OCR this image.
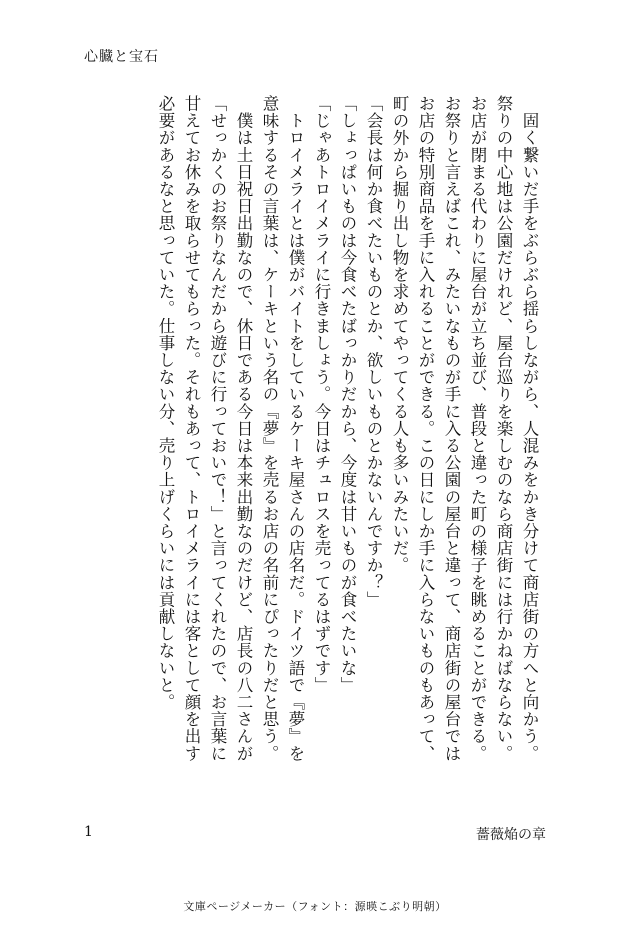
心臓と宝石

　固く繋いだ手をぶらぶら揺らしながら、人混みをかき分けて商店街の方へと向かう。

祭りの中心地は公園だけれど、屋台巡りを楽しむのなら商店街には行かねばならない。

お店が閉まる代わりに屋台が立ち並び、普段と違った町の様子を眺めることができる。

お祭りと言えばこれ、みたいなものが手に入る公園の屋台と違って、商店街の屋台では

お店の特別商品を手に入れることができる。この日にしか手に入らないものもあって、

町の外から掘り出し物を求めてやってくる人も多いみたいだ。

「会長は何か食べたいものとか、欲しいものとかないんですか？」

「しょっぱいものは今食べたばっかりだから、今度は甘いものが食べたいな」

「じゃあトロイメライに行きましょう。今日はチュロスを売ってるはずです」

　トロイメライとは僕がバイトをしているケーキ屋さんの店名だ。ドイツ語で『夢』を

意味するその言葉は、ケーキという名の『夢』を売るお店の名前にぴったりだと思う。

　僕は土日祝日出勤なので、休日である今日は本来出勤なのだけど、店長の八二さんが

「せっかくのお祭りなんだから遊びに行っておいで！」と言ってくれたので、お言葉に

甘えてお休みを取らせてもらった。それもあって、トロイメライには客として顔を出す

必要があるなと思っていた。仕事しない分、売り上げくらいには貢献しないと。

1	薔薇焔の章
文庫ページメーカー（フォント：源暎こぶり明朝）
